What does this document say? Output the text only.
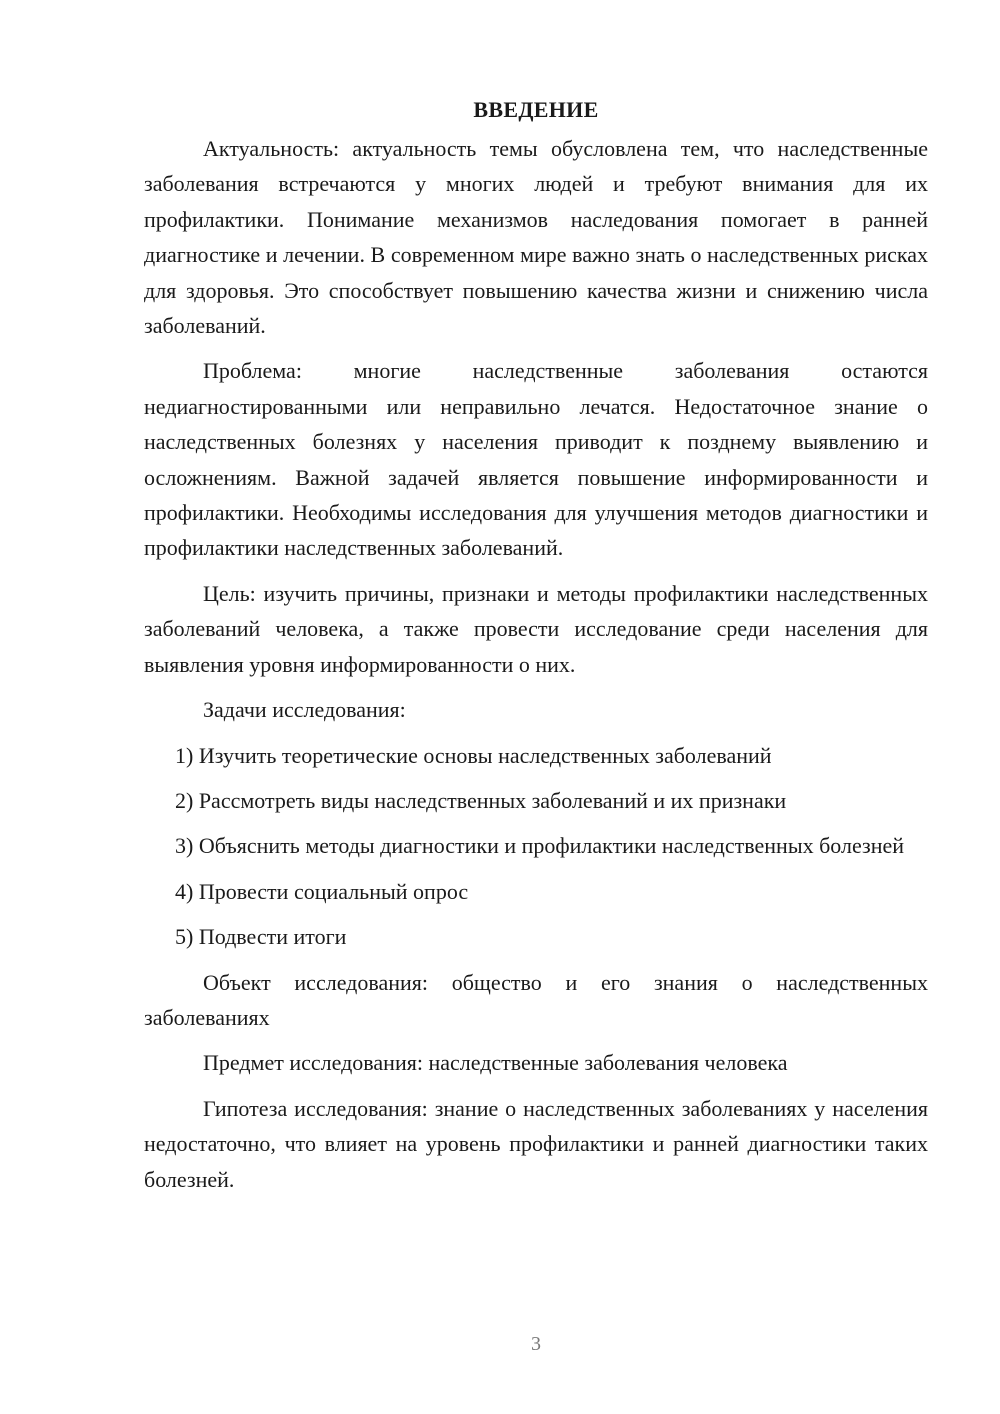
ВВЕДЕНИЕ

Актуальность: актуальность темы обусловлена тем, что наследственные заболевания встречаются у многих людей и требуют внимания для их профилактики. Понимание механизмов наследования помогает в ранней диагностике и лечении. В современном мире важно знать о наследственных рисках для здоровья. Это способствует повышению качества жизни и снижению числа заболеваний.

Проблема: многие наследственные заболевания остаются недиагностированными или неправильно лечатся. Недостаточное знание о наследственных болезнях у населения приводит к позднему выявлению и осложнениям. Важной задачей является повышение информированности и профилактики. Необходимы исследования для улучшения методов диагностики и профилактики наследственных заболеваний.

Цель: изучить причины, признаки и методы профилактики наследственных заболеваний человека, а также провести исследование среди населения для выявления уровня информированности о них.

Задачи исследования:

1) Изучить теоретические основы наследственных заболеваний

2) Рассмотреть виды наследственных заболеваний и их признаки

3) Объяснить методы диагностики и профилактики наследственных болезней

4) Провести социальный опрос

5) Подвести итоги

Объект исследования: общество и его знания о наследственных заболеваниях

Предмет исследования: наследственные заболевания человека

Гипотеза исследования: знание о наследственных заболеваниях у населения недостаточно, что влияет на уровень профилактики и ранней диагностики таких болезней.

3
